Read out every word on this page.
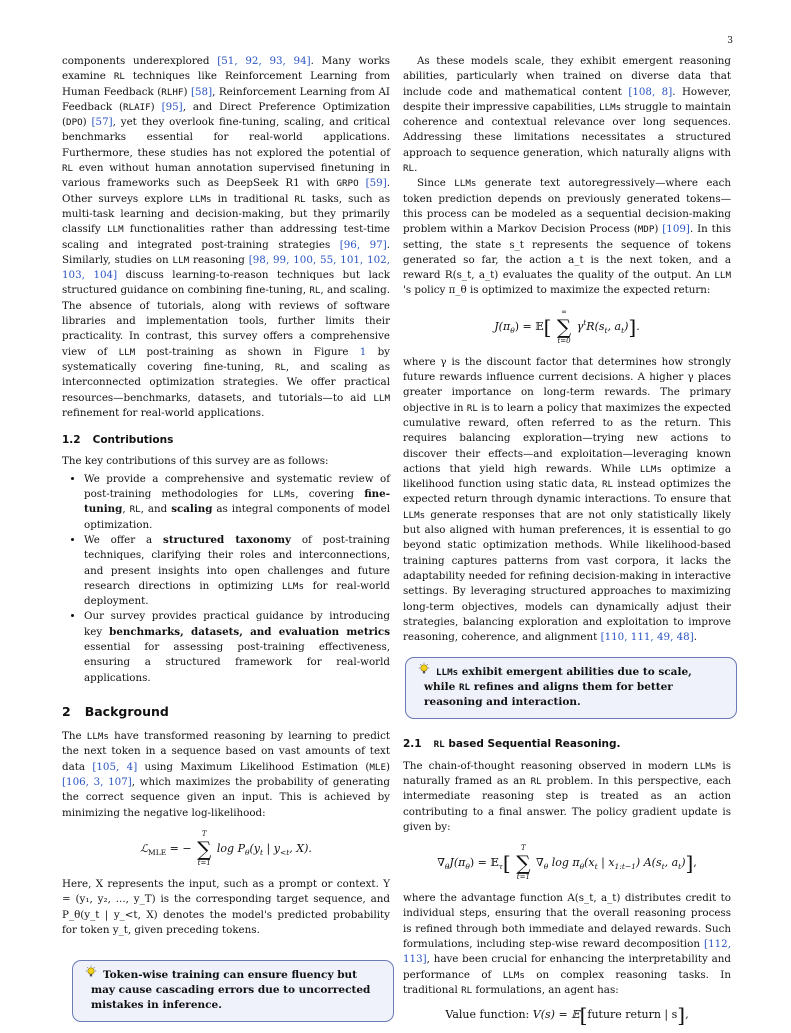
3

components underexplored [51, 92, 93, 94]. Many works examine RL techniques like Reinforcement Learning from Human Feedback (RLHF) [58], Reinforcement Learning from AI Feedback (RLAIF) [95], and Direct Preference Optimization (DPO) [57], yet they overlook fine-tuning, scaling, and critical benchmarks essential for real-world applications. Furthermore, these studies has not explored the potential of RL even without human annotation supervised finetuning in various frameworks such as DeepSeek R1 with GRPO [59]. Other surveys explore LLMs in traditional RL tasks, such as multi-task learning and decision-making, but they primarily classify LLM functionalities rather than addressing test-time scaling and integrated post-training strategies [96, 97]. Similarly, studies on LLM reasoning [98, 99, 100, 55, 101, 102, 103, 104] discuss learning-to-reason techniques but lack structured guidance on combining fine-tuning, RL, and scaling. The absence of tutorials, along with reviews of software libraries and implementation tools, further limits their practicality. In contrast, this survey offers a comprehensive view of LLM post-training as shown in Figure 1 by systematically covering fine-tuning, RL, and scaling as interconnected optimization strategies. We offer practical resources—benchmarks, datasets, and tutorials—to aid LLM refinement for real-world applications.

1.2 Contributions

The key contributions of this survey are as follows:

• We provide a comprehensive and systematic review of post-training methodologies for LLMs, covering fine-tuning, RL, and scaling as integral components of model optimization.
• We offer a structured taxonomy of post-training techniques, clarifying their roles and interconnections, and present insights into open challenges and future research directions in optimizing LLMs for real-world deployment.
• Our survey provides practical guidance by introducing key benchmarks, datasets, and evaluation metrics essential for assessing post-training effectiveness, ensuring a structured framework for real-world applications.
2 Background

The LLMs have transformed reasoning by learning to predict the next token in a sequence based on vast amounts of text data [105, 4] using Maximum Likelihood Estimation (MLE) [106, 3, 107], which maximizes the probability of generating the correct sequence given an input. This is achieved by minimizing the negative log-likelihood:

ℒ$_{MLE}$ = −
T
∑
t=1
$\log P_\theta(y_t$ | $y_{<t}$, X).

Here, X represents the input, such as a prompt or context. Y = (y₁, y₂, ..., y_T) is the corresponding target sequence, and P_θ(y_t | y_<t, X) denotes the model's predicted probability for token y_t, given preceding tokens.

Token-wise training can ensure fluency but may cause cascading errors due to uncorrected mistakes in inference.

As these models scale, they exhibit emergent reasoning abilities, particularly when trained on diverse data that include code and mathematical content [108, 8]. However, despite their impressive capabilities, LLMs struggle to maintain coherence and contextual relevance over long sequences. Addressing these limitations necessitates a structured approach to sequence generation, which naturally aligns with RL.

Since LLMs generate text autoregressively—where each token prediction depends on previously generated tokens—this process can be modeled as a sequential decision-making problem within a Markov Decision Process (MDP) [109]. In this setting, the state s_t represents the sequence of tokens generated so far, the action a_t is the next token, and a reward R(s_t, a_t) evaluates the quality of the output. An LLM 's policy π_θ is optimized to maximize the expected return:

$J(\pi_\theta)$ = 𝔼[
∞
∑
t=0
$\gamma^tR(s_t$, $a_t$)].

where γ is the discount factor that determines how strongly future rewards influence current decisions. A higher γ places greater importance on long-term rewards. The primary objective in RL is to learn a policy that maximizes the expected cumulative reward, often referred to as the return. This requires balancing exploration—trying new actions to discover their effects—and exploitation—leveraging known actions that yield high rewards. While LLMs optimize a likelihood function using static data, RL instead optimizes the expected return through dynamic interactions. To ensure that LLMs generate responses that are not only statistically likely but also aligned with human preferences, it is essential to go beyond static optimization methods. While likelihood-based training captures patterns from vast corpora, it lacks the adaptability needed for refining decision-making in interactive settings. By leveraging structured approaches to maximizing long-term objectives, models can dynamically adjust their strategies, balancing exploration and exploitation to improve reasoning, coherence, and alignment [110, 111, 49, 48].

LLMs exhibit emergent abilities due to scale, while RL refines and aligns them for better reasoning and interaction.
2.1 RL based Sequential Reasoning.

The chain-of-thought reasoning observed in modern LLMs is naturally framed as an RL problem. In this perspective, each intermediate reasoning step is treated as an action contributing to a final answer. The policy gradient update is given by:

$\nabla_\theta J(\pi_\theta)$ = 𝔼$_\tau$[
T
∑
t=1
$\nabla_\theta$ $\log \pi_\theta(x_t$ | $x_{1:t-1}$) $A(s_t$, $a_t$)],

where the advantage function A(s_t, a_t) distributes credit to individual steps, ensuring that the overall reasoning process is refined through both immediate and delayed rewards. Such formulations, including step-wise reward decomposition [112, 113], have been crucial for enhancing the interpretability and performance of LLMs on complex reasoning tasks. In traditional RL formulations, an agent has:

Value function: V(s) = 𝔼[future return | s],
